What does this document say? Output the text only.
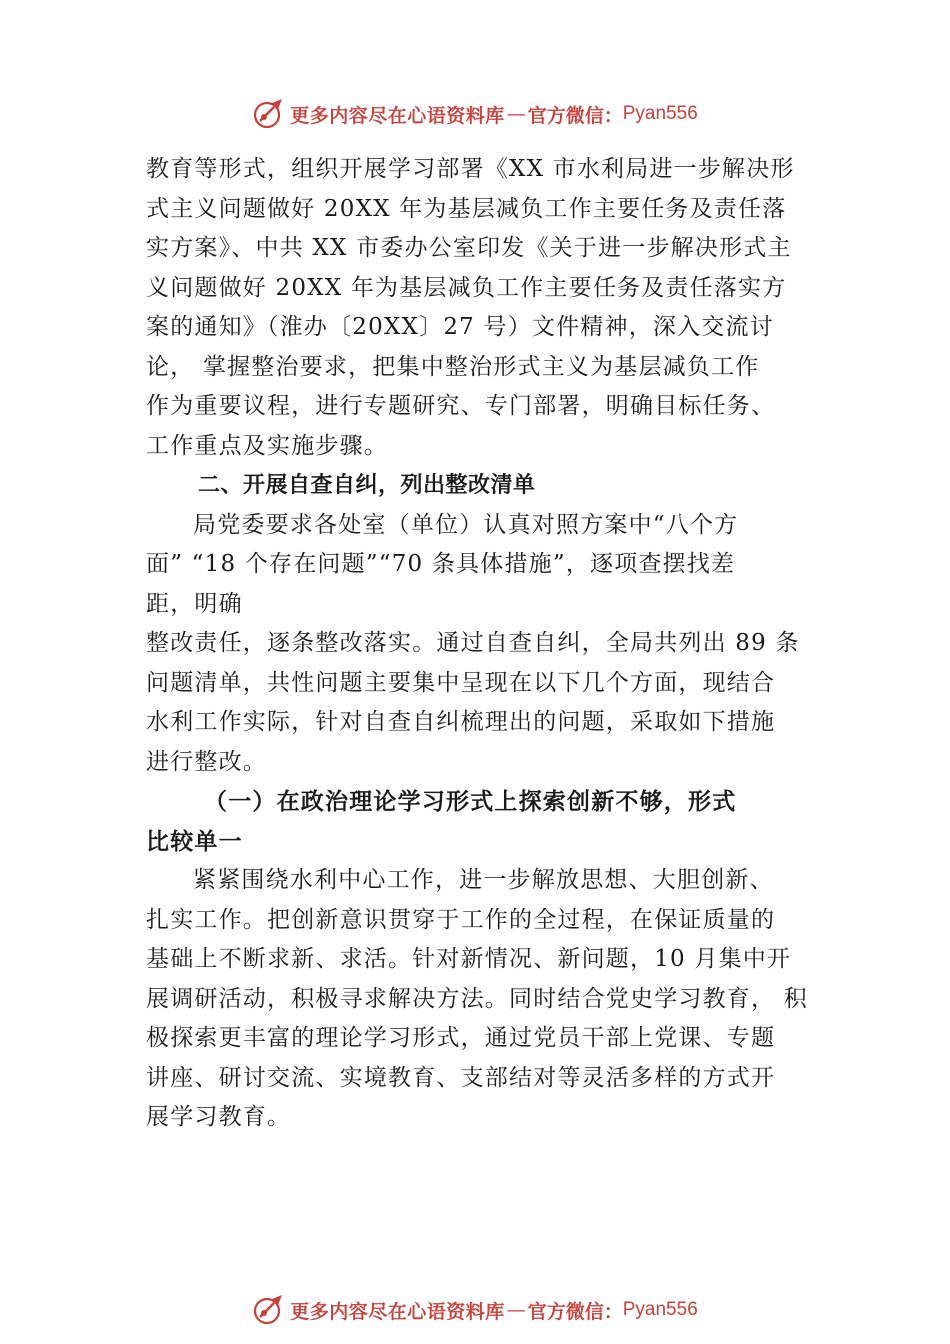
更多内容尽在心语资料库 — 官方微信： Pyan556
教育等形式，组织开展学习部署《XX 市水利局进一步解决形
式主义问题做好 20XX 年为基层减负工作主要任务及责任落
实方案》、中共 XX 市委办公室印发《关于进一步解决形式主
义问题做好 20XX 年为基层减负工作主要任务及责任落实方
案的通知》（淮办〔20XX〕27 号）文件精神，深入交流讨
论， 掌握整治要求，把集中整治形式主义为基层减负工作
作为重要议程，进行专题研究、专门部署，明确目标任务、
工作重点及实施步骤。
二、开展自查自纠，列出整改清单
局党委要求各处室（单位）认真对照方案中“八个方
面” “18 个存在问题”“70 条具体措施”，逐项查摆找差
距，明确
整改责任，逐条整改落实。通过自查自纠，全局共列出 89 条
问题清单，共性问题主要集中呈现在以下几个方面，现结合
水利工作实际，针对自查自纠梳理出的问题，采取如下措施
进行整改。
（一）在政治理论学习形式上探索创新不够，形式
比较单一
紧紧围绕水利中心工作，进一步解放思想、大胆创新、
扎实工作。把创新意识贯穿于工作的全过程，在保证质量的
基础上不断求新、求活。针对新情况、新问题，10 月集中开
展调研活动，积极寻求解决方法。同时结合党史学习教育， 积
极探索更丰富的理论学习形式，通过党员干部上党课、专题
讲座、研讨交流、实境教育、支部结对等灵活多样的方式开
展学习教育。
更多内容尽在心语资料库 — 官方微信： Pyan556
